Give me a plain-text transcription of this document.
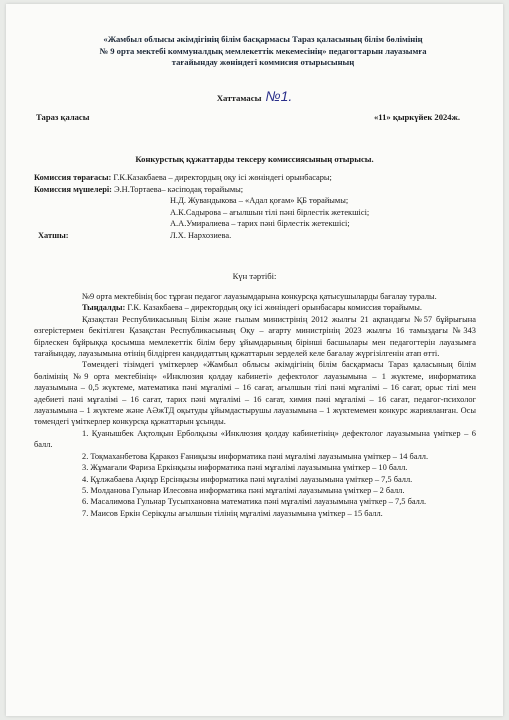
«Жамбыл облысы әкімдігінің білім басқармасы Тараз қаласының білім бөлімінің
№ 9 орта мектебі коммуналдық мемлекеттік мекемесінің» педагогтарын лауазымға
тағайындау жөніндегі коммисия отырысының
Хаттамасы №1.
Тараз қаласы	«11» қыркүйек 2024ж.
Конкурстық құжаттарды тексеру комиссиясының отырысы.
Комиссия төрағасы: Г.К.Казакбаева – директордың оқу ісі жөніндегі орынбасары;
Комиссия мүшелері: Э.Н.Тортаева– кәсіподақ төрайымы;
Н.Д. Жувандыкова – «Адал қоғам» ҚБ төрайымы;
А.К.Садырова – ағылшын тілі пәні бірлестік жетекшісі;
А.А.Умиралиева – тарих пәні бірлестік жетекшісі;
Хатшы:	Л.Х. Нархозиева.
Күн тәртібі:

№9 орта мектебінің бос тұрған педагог лауазымдарына конкурсқа қатысушыларды бағалау туралы.

Тыңдалды: Г.К. Казакбаева – директордың оқу ісі жөніндегі орынбасары комиссия төрайымы.

Қазақстан Республикасының Білім және ғылым министрінің 2012 жылғы 21 ақпандағы №57 бұйрығына өзгерістермен бекітілген Қазақстан Республикасының Оқу – ағарту министрінің 2023 жылғы 16 тамыздағы №343 бірлескен бұйрыққа қосымша мемлекеттік білім беру ұйымдарының бірінші басшылары мен педагогтерін лауазымға тағайындау, лауазымына өтінің білдірген кандидаттың құжаттарын зерделей келе бағалау жүргізілгенін атап өтті.

Төмендегі тізімдегі үміткерлер «Жамбыл облысы әкімдігінің білім басқармасы Тараз қаласының білім бөлімінің №9 орта мектебінің» «Инклюзия қолдау кабинеті» дефектолог лауазымына – 1 жүктеме, информатика лауазымына – 0,5 жүктеме, математика пәні мұғалімі – 16 сағат, ағылшын тілі пәні мұғалімі – 16 сағат, орыс тілі мен әдебиеті пәні мұғалімі – 16 сағат, тарих пәні мұғалімі – 16 сағат, химия пәні мұғалімі – 16 сағат, педагог-психолог лауазымына – 1 жүктеме және АӘжТД оқытуды ұйымдастырушы лауазымына – 1 жүктемемен конкурс жарияланған. Осы төмендегі үміткерлер конкурсқа құжаттарын ұсынды.

1. Қуанышбек Ақтолқын Ерболқызы «Инклюзия қолдау кабинетінің» дефектолог лауазымына үміткер – 6 балл.

2. Тоқмаханбетова Қаракөз Ғаниқызы информатика пәні мұғалімі лауазымына үміткер – 14 балл.

3. Жұмағали Фариза Еркінқызы информатика пәні мұғалімі лауазымына үміткер – 10 балл.

4. Құлжабаева Ақнұр Ерсінқызы информатика пәні мұғалімі лауазымына үміткер – 7,5 балл.

5. Молданова Гульнар Илесовна информатика пәні мұғалімі лауазымына үміткер – 2 балл.

6. Масалимова Гульнар Тусыпхановна математика пәні мұғалімі лауазымына үміткер – 7,5 балл.

7. Маисов Еркін Серікұлы ағылшын тілінің мұғалімі лауазымына үміткер – 15 балл.
